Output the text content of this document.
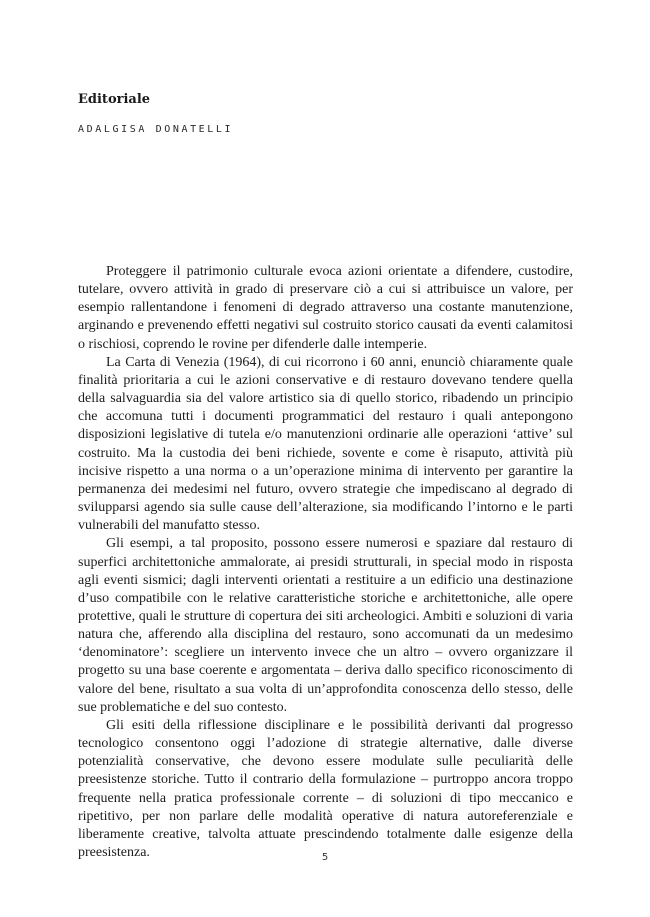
Editoriale
ADALGISA DONATELLI

Proteggere il patrimonio culturale evoca azioni orientate a difendere, custodire, tutelare, ovvero attività in grado di preservare ciò a cui si attribuisce un valore, per esempio rallentandone i fenomeni di degrado attraverso una costante manutenzione, arginando e prevenendo effetti negativi sul costruito storico causati da eventi calamitosi o rischiosi, coprendo le rovine per difenderle dalle intemperie.

La Carta di Venezia (1964), di cui ricorrono i 60 anni, enunciò chiaramente quale finalità prioritaria a cui le azioni conservative e di restauro dovevano tendere quella della salvaguardia sia del valore artistico sia di quello storico, ribadendo un principio che accomuna tutti i documenti programmatici del restauro i quali antepongono disposizioni legislative di tutela e/o manutenzioni ordinarie alle operazioni ‘attive’ sul costruito. Ma la custodia dei beni richiede, sovente e come è risaputo, attività più incisive rispetto a una norma o a un’operazione minima di intervento per garantire la permanenza dei medesimi nel futuro, ovvero strategie che impediscano al degrado di svilupparsi agendo sia sulle cause dell’alterazione, sia modificando l’intorno e le parti vulnerabili del manufatto stesso.

Gli esempi, a tal proposito, possono essere numerosi e spaziare dal restauro di superfici architettoniche ammalorate, ai presidi strutturali, in special modo in risposta agli eventi sismici; dagli interventi orientati a restituire a un edificio una destinazione d’uso compatibile con le relative caratteristiche storiche e architettoniche, alle opere protettive, quali le strutture di copertura dei siti archeologici. Ambiti e soluzioni di varia natura che, afferendo alla disciplina del restauro, sono accomunati da un medesimo ‘denominatore’: scegliere un intervento invece che un altro – ovvero organizzare il progetto su una base coerente e argomentata – deriva dallo specifico riconoscimento di valore del bene, risultato a sua volta di un’approfondita conoscenza dello stesso, delle sue problematiche e del suo contesto.

Gli esiti della riflessione disciplinare e le possibilità derivanti dal progresso tecnologico consentono oggi l’adozione di strategie alternative, dalle diverse potenzialità conservative, che devono essere modulate sulle peculiarità delle preesistenze storiche. Tutto il contrario della formulazione – purtroppo ancora troppo frequente nella pratica professionale corrente – di soluzioni di tipo meccanico e ripetitivo, per non parlare delle modalità operative di natura autoreferenziale e liberamente creative, talvolta attuate prescindendo totalmente dalle esigenze della preesistenza.	5
